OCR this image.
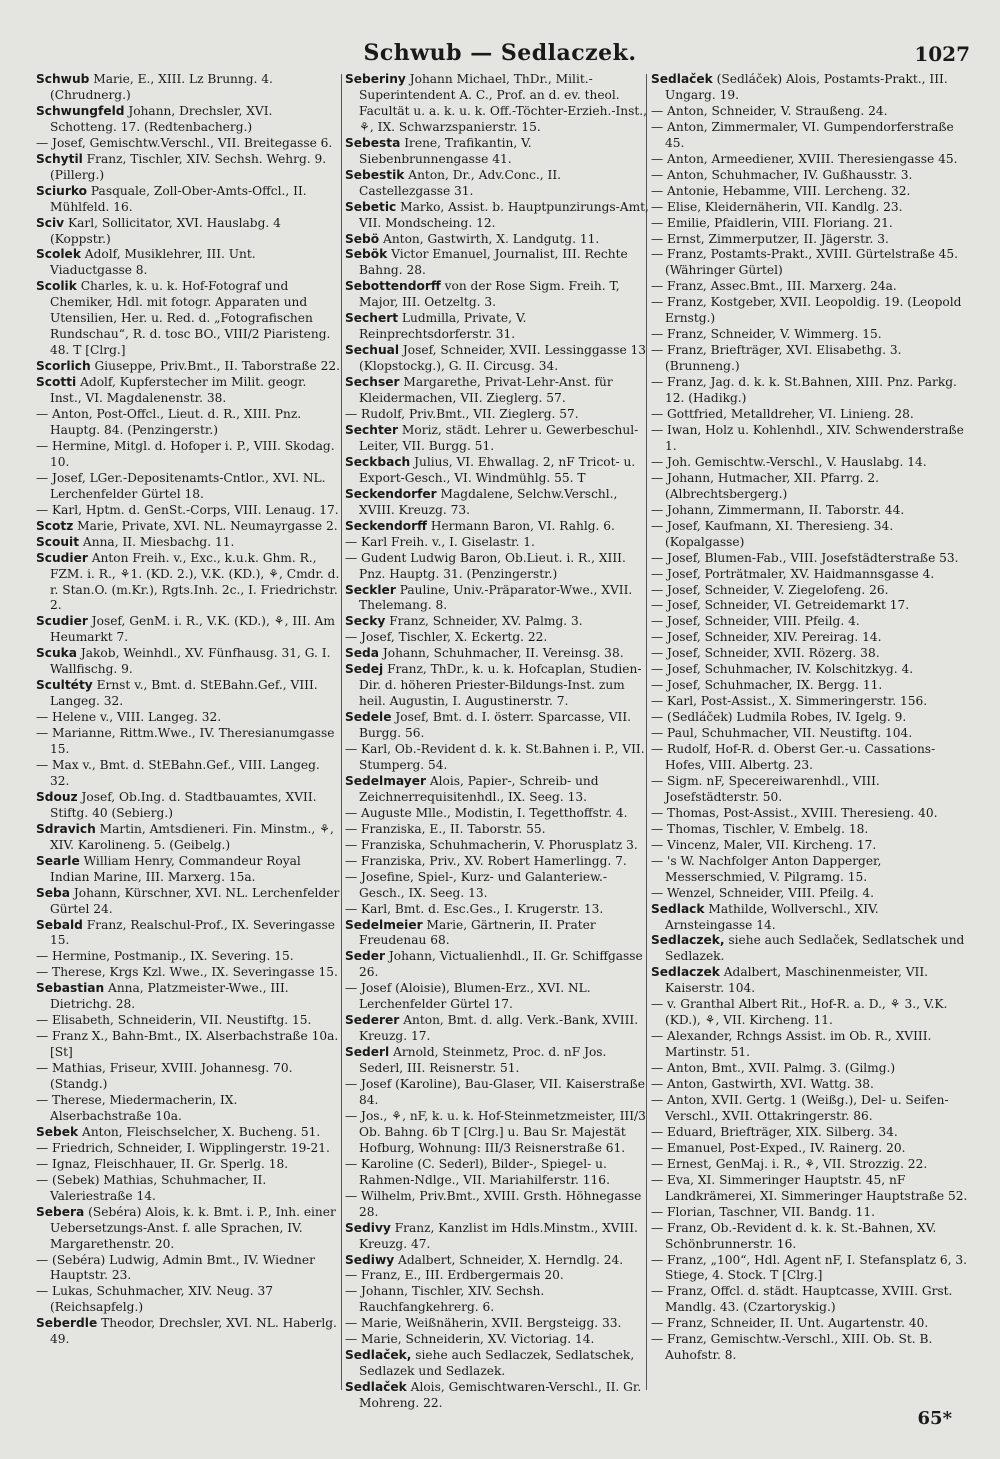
Schwub — Sedlaczek.	1027

Schwub Marie, E., XIII. Lz Brunng. 4. (Chrudnerg.)

Schwungfeld Johann, Drechsler, XVI. Schotteng. 17. (Redtenbacherg.)

— Josef, Gemischtw.Verschl., VII. Breitegasse 6.

Schytil Franz, Tischler, XIV. Sechsh. Wehrg. 9. (Pillerg.)

Sciurko Pasquale, Zoll-Ober-Amts-Offcl., II. Mühlfeld. 16.

Sciv Karl, Sollicitator, XVI. Hauslabg. 4 (Koppstr.)

Scolek Adolf, Musiklehrer, III. Unt. Viaductgasse 8.

Scolik Charles, k. u. k. Hof-Fotograf und Chemiker, Hdl. mit fotogr. Apparaten und Utensilien, Her. u. Red. d. „Fotografischen Rundschau“, R. d. tosc BO., VIII/2 Piaristeng. 48. T [Clrg.]

Scorlich Giuseppe, Priv.Bmt., II. Taborstraße 22.

Scotti Adolf, Kupferstecher im Milit. geogr. Inst., VI. Magdalenenstr. 38.

— Anton, Post-Offcl., Lieut. d. R., XIII. Pnz. Hauptg. 84. (Penzingerstr.)

— Hermine, Mitgl. d. Hofoper i. P., VIII. Skodag. 10.

— Josef, LGer.-Depositenamts-Cntlor., XVI. NL. Lerchenfelder Gürtel 18.

— Karl, Hptm. d. GenSt.-Corps, VIII. Lenaug. 17.

Scotz Marie, Private, XVI. NL. Neumayrgasse 2.

Scouit Anna, II. Miesbachg. 11.

Scudier Anton Freih. v., Exc., k.u.k. Ghm. R., FZM. i. R., ⚘1. (KD. 2.), V.K. (KD.), ⚘, Cmdr. d. r. Stan.O. (m.Kr.), Rgts.Inh. 2c., I. Friedrichstr. 2.

Scudier Josef, GenM. i. R., V.K. (KD.), ⚘, III. Am Heumarkt 7.

Scuka Jakob, Weinhdl., XV. Fünfhausg. 31, G. I. Wallfischg. 9.

Scultéty Ernst v., Bmt. d. StEBahn.Gef., VIII. Langeg. 32.

— Helene v., VIII. Langeg. 32.

— Marianne, Rittm.Wwe., IV. Theresianumgasse 15.

— Max v., Bmt. d. StEBahn.Gef., VIII. Langeg. 32.

Sdouz Josef, Ob.Ing. d. Stadtbauamtes, XVII. Stiftg. 40 (Sebierg.)

Sdravich Martin, Amtsdieneri. Fin. Minstm., ⚘, XIV. Karolineng. 5. (Geibelg.)

Searle William Henry, Commandeur Royal Indian Marine, III. Marxerg. 15a.

Seba Johann, Kürschner, XVI. NL. Lerchenfelder Gürtel 24.

Sebald Franz, Realschul-Prof., IX. Severingasse 15.

— Hermine, Postmanip., IX. Severing. 15.

— Therese, Krgs Kzl. Wwe., IX. Severingasse 15.

Sebastian Anna, Platzmeister-Wwe., III. Dietrichg. 28.

— Elisabeth, Schneiderin, VII. Neustiftg. 15.

— Franz X., Bahn-Bmt., IX. Alserbachstraße 10a. [St]

— Mathias, Friseur, XVIII. Johannesg. 70. (Standg.)

— Therese, Miedermacherin, IX. Alserbachstraße 10a.

Sebek Anton, Fleischselcher, X. Bucheng. 51.

— Friedrich, Schneider, I. Wipplingerstr. 19-21.

— Ignaz, Fleischhauer, II. Gr. Sperlg. 18.

— (Sebek) Mathias, Schuhmacher, II. Valeriestraße 14.

Sebera (Sebéra) Alois, k. k. Bmt. i. P., Inh. einer Uebersetzungs-Anst. f. alle Sprachen, IV. Margarethenstr. 20.

— (Sebéra) Ludwig, Admin Bmt., IV. Wiedner Hauptstr. 23.

— Lukas, Schuhmacher, XIV. Neug. 37 (Reichsapfelg.)

Seberdle Theodor, Drechsler, XVI. NL. Haberlg. 49.

Seberiny Johann Michael, ThDr., Milit.-Superintendent A. C., Prof. an d. ev. theol. Facultät u. a. k. u. k. Off.-Töchter-Erzieh.-Inst., ⚘, IX. Schwarzspanierstr. 15.

Sebesta Irene, Trafikantin, V. Siebenbrunnengasse 41.

Sebestik Anton, Dr., Adv.Conc., II. Castellezgasse 31.

Sebetic Marko, Assist. b. Hauptpunzirungs-Amt, VII. Mondscheing. 12.

Sebö Anton, Gastwirth, X. Landgutg. 11.

Sebök Victor Emanuel, Journalist, III. Rechte Bahng. 28.

Sebottendorff von der Rose Sigm. Freih. T, Major, III. Oetzeltg. 3.

Sechert Ludmilla, Private, V. Reinprechtsdorferstr. 31.

Sechual Josef, Schneider, XVII. Lessinggasse 13 (Klopstockg.), G. II. Circusg. 34.

Sechser Margarethe, Privat-Lehr-Anst. für Kleidermachen, VII. Zieglerg. 57.

— Rudolf, Priv.Bmt., VII. Zieglerg. 57.

Sechter Moriz, städt. Lehrer u. Gewerbeschul-Leiter, VII. Burgg. 51.

Seckbach Julius, VI. Ehwallag. 2, nF Tricot- u. Export-Gesch., VI. Windmühlg. 55. T

Seckendorfer Magdalene, Selchw.Verschl., XVIII. Kreuzg. 73.

Seckendorff Hermann Baron, VI. Rahlg. 6.

— Karl Freih. v., I. Giselastr. 1.

— Gudent Ludwig Baron, Ob.Lieut. i. R., XIII. Pnz. Hauptg. 31. (Penzingerstr.)

Seckler Pauline, Univ.-Präparator-Wwe., XVII. Thelemang. 8.

Secky Franz, Schneider, XV. Palmg. 3.

— Josef, Tischler, X. Eckertg. 22.

Seda Johann, Schuhmacher, II. Vereinsg. 38.

Sedej Franz, ThDr., k. u. k. Hofcaplan, Studien-Dir. d. höheren Priester-Bildungs-Inst. zum heil. Augustin, I. Augustinerstr. 7.

Sedele Josef, Bmt. d. I. österr. Sparcasse, VII. Burgg. 56.

— Karl, Ob.-Revident d. k. k. St.Bahnen i. P., VII. Stumperg. 54.

Sedelmayer Alois, Papier-, Schreib- und Zeichnerrequisitenhdl., IX. Seeg. 13.

— Auguste Mlle., Modistin, I. Tegetthoffstr. 4.

— Franziska, E., II. Taborstr. 55.

— Franziska, Schuhmacherin, V. Phorusplatz 3.

— Franziska, Priv., XV. Robert Hamerlingg. 7.

— Josefine, Spiel-, Kurz- und Galanteriew.-Gesch., IX. Seeg. 13.

— Karl, Bmt. d. Esc.Ges., I. Krugerstr. 13.

Sedelmeier Marie, Gärtnerin, II. Prater Freudenau 68.

Seder Johann, Victualienhdl., II. Gr. Schiffgasse 26.

— Josef (Aloisie), Blumen-Erz., XVI. NL. Lerchenfelder Gürtel 17.

Sederer Anton, Bmt. d. allg. Verk.-Bank, XVIII. Kreuzg. 17.

Sederl Arnold, Steinmetz, Proc. d. nF Jos. Sederl, III. Reisnerstr. 51.

— Josef (Karoline), Bau-Glaser, VII. Kaiserstraße 84.

— Jos., ⚘, nF, k. u. k. Hof-Steinmetzmeister, III/3 Ob. Bahng. 6b T [Clrg.] u. Bau Sr. Majestät Hofburg, Wohnung: III/3 Reisnerstraße 61.

— Karoline (C. Sederl), Bilder-, Spiegel- u. Rahmen-Ndlge., VII. Mariahilferstr. 116.

— Wilhelm, Priv.Bmt., XVIII. Grsth. Höhnegasse 28.

Sedivy Franz, Kanzlist im Hdls.Minstm., XVIII. Kreuzg. 47.

Sediwy Adalbert, Schneider, X. Herndlg. 24.

— Franz, E., III. Erdbergermais 20.

— Johann, Tischler, XIV. Sechsh. Rauchfangkehrerg. 6.

— Marie, Weißnäherin, XVII. Bergsteigg. 33.

— Marie, Schneiderin, XV. Victoriag. 14.

Sedlaček, siehe auch Sedlaczek, Sedlatschek, Sedlazek und Sedlazek.

Sedlaček Alois, Gemischtwaren-Verschl., II. Gr. Mohreng. 22.

Sedlaček (Sedláček) Alois, Postamts-Prakt., III. Ungarg. 19.

— Anton, Schneider, V. Straußeng. 24.

— Anton, Zimmermaler, VI. Gumpendorferstraße 45.

— Anton, Armeediener, XVIII. Theresiengasse 45.

— Anton, Schuhmacher, IV. Gußhausstr. 3.

— Antonie, Hebamme, VIII. Lercheng. 32.

— Elise, Kleidernäherin, VII. Kandlg. 23.

— Emilie, Pfaidlerin, VIII. Floriang. 21.

— Ernst, Zimmerputzer, II. Jägerstr. 3.

— Franz, Postamts-Prakt., XVIII. Gürtelstraße 45. (Währinger Gürtel)

— Franz, Assec.Bmt., III. Marxerg. 24a.

— Franz, Kostgeber, XVII. Leopoldig. 19. (Leopold Ernstg.)

— Franz, Schneider, V. Wimmerg. 15.

— Franz, Briefträger, XVI. Elisabethg. 3. (Brunneng.)

— Franz, Jag. d. k. k. St.Bahnen, XIII. Pnz. Parkg. 12. (Hadikg.)

— Gottfried, Metalldreher, VI. Linieng. 28.

— Iwan, Holz u. Kohlenhdl., XIV. Schwenderstraße 1.

— Joh. Gemischtw.-Verschl., V. Hauslabg. 14.

— Johann, Hutmacher, XII. Pfarrg. 2. (Albrechtsbergerg.)

— Johann, Zimmermann, II. Taborstr. 44.

— Josef, Kaufmann, XI. Theresieng. 34. (Kopalgasse)

— Josef, Blumen-Fab., VIII. Josefstädterstraße 53.

— Josef, Porträtmaler, XV. Haidmannsgasse 4.

— Josef, Schneider, V. Ziegelofeng. 26.

— Josef, Schneider, VI. Getreidemarkt 17.

— Josef, Schneider, VIII. Pfeilg. 4.

— Josef, Schneider, XIV. Pereirag. 14.

— Josef, Schneider, XVII. Rözerg. 38.

— Josef, Schuhmacher, IV. Kolschitzkyg. 4.

— Josef, Schuhmacher, IX. Bergg. 11.

— Karl, Post-Assist., X. Simmeringerstr. 156.

— (Sedláček) Ludmila Robes, IV. Igelg. 9.

— Paul, Schuhmacher, VII. Neustiftg. 104.

— Rudolf, Hof-R. d. Oberst Ger.-u. Cassations-Hofes, VIII. Albertg. 23.

— Sigm. nF, Specereiwarenhdl., VIII. Josefstädterstr. 50.

— Thomas, Post-Assist., XVIII. Theresieng. 40.

— Thomas, Tischler, V. Embelg. 18.

— Vincenz, Maler, VII. Kircheng. 17.

— 's W. Nachfolger Anton Dapperger, Messerschmied, V. Pilgramg. 15.

— Wenzel, Schneider, VIII. Pfeilg. 4.

Sedlack Mathilde, Wollverschl., XIV. Arnsteingasse 14.

Sedlaczek, siehe auch Sedlaček, Sedlatschek und Sedlazek.

Sedlaczek Adalbert, Maschinenmeister, VII. Kaiserstr. 104.

— v. Granthal Albert Rit., Hof-R. a. D., ⚘ 3., V.K. (KD.), ⚘, VII. Kircheng. 11.

— Alexander, Rchngs Assist. im Ob. R., XVIII. Martinstr. 51.

— Anton, Bmt., XVII. Palmg. 3. (Gilmg.)

— Anton, Gastwirth, XVI. Wattg. 38.

— Anton, XVII. Gertg. 1 (Weißg.), Del- u. Seifen-Verschl., XVII. Ottakringerstr. 86.

— Eduard, Briefträger, XIX. Silberg. 34.

— Emanuel, Post-Exped., IV. Rainerg. 20.

— Ernest, GenMaj. i. R., ⚘, VII. Strozzig. 22.

— Eva, XI. Simmeringer Hauptstr. 45, nF Landkrämerei, XI. Simmeringer Hauptstraße 52.

— Florian, Taschner, VII. Bandg. 11.

— Franz, Ob.-Revident d. k. k. St.-Bahnen, XV. Schönbrunnerstr. 16.

— Franz, „100“, Hdl. Agent nF, I. Stefansplatz 6, 3. Stiege, 4. Stock. T [Clrg.]

— Franz, Offcl. d. städt. Hauptcasse, XVIII. Grst. Mandlg. 43. (Czartoryskig.)

— Franz, Schneider, II. Unt. Augartenstr. 40.

— Franz, Gemischtw.-Verschl., XIII. Ob. St. B. Auhofstr. 8.

65*
